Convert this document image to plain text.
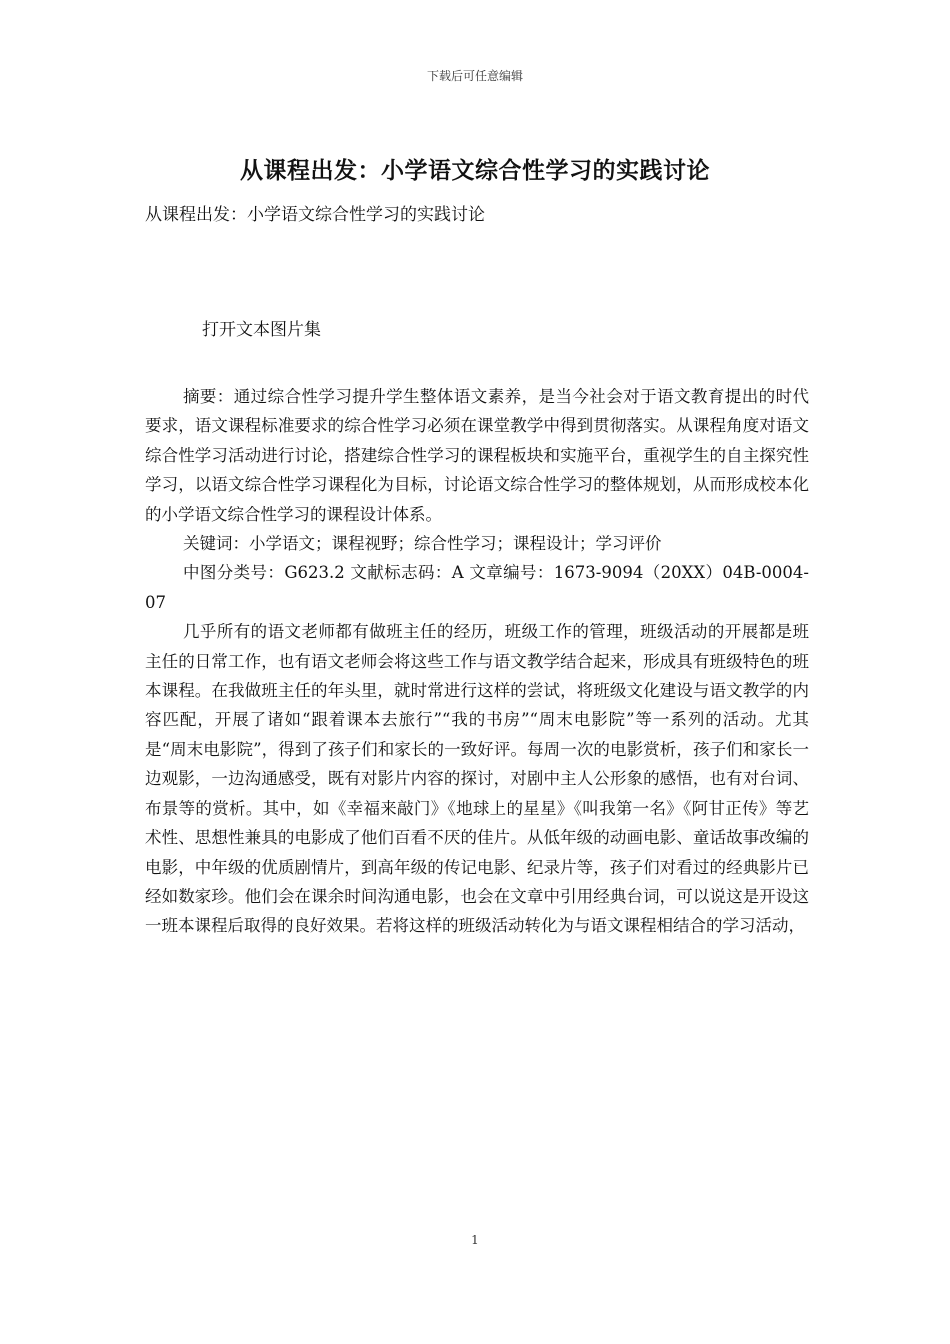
下载后可任意编辑
从课程出发：小学语文综合性学习的实践讨论

从课程出发：小学语文综合性学习的实践讨论

打开文本图片集

摘要：通过综合性学习提升学生整体语文素养，是当今社会对于语文教育提出的时代要求，语文课程标准要求的综合性学习必须在课堂教学中得到贯彻落实。从课程角度对语文综合性学习活动进行讨论，搭建综合性学习的课程板块和实施平台，重视学生的自主探究性学习，以语文综合性学习课程化为目标，讨论语文综合性学习的整体规划，从而形成校本化的小学语文综合性学习的课程设计体系。

关键词：小学语文；课程视野；综合性学习；课程设计；学习评价

中图分类号：G623.2 文献标志码：A 文章编号：1673-9094（20XX）04B-0004-07

几乎所有的语文老师都有做班主任的经历，班级工作的管理，班级活动的开展都是班主任的日常工作，也有语文老师会将这些工作与语文教学结合起来，形成具有班级特色的班本课程。在我做班主任的年头里，就时常进行这样的尝试，将班级文化建设与语文教学的内容匹配，开展了诸如“跟着课本去旅行”“我的书房”“周末电影院”等一系列的活动。尤其是“周末电影院”，得到了孩子们和家长的一致好评。每周一次的电影赏析，孩子们和家长一边观影，一边沟通感受，既有对影片内容的探讨，对剧中主人公形象的感悟，也有对台词、布景等的赏析。其中，如《幸福来敲门》《地球上的星星》《叫我第一名》《阿甘正传》等艺术性、思想性兼具的电影成了他们百看不厌的佳片。从低年级的动画电影、童话故事改编的电影，中年级的优质剧情片，到高年级的传记电影、纪录片等，孩子们对看过的经典影片已经如数家珍。他们会在课余时间沟通电影，也会在文章中引用经典台词，可以说这是开设这一班本课程后取得的良好效果。若将这样的班级活动转化为与语文课程相结合的学习活动，

1
